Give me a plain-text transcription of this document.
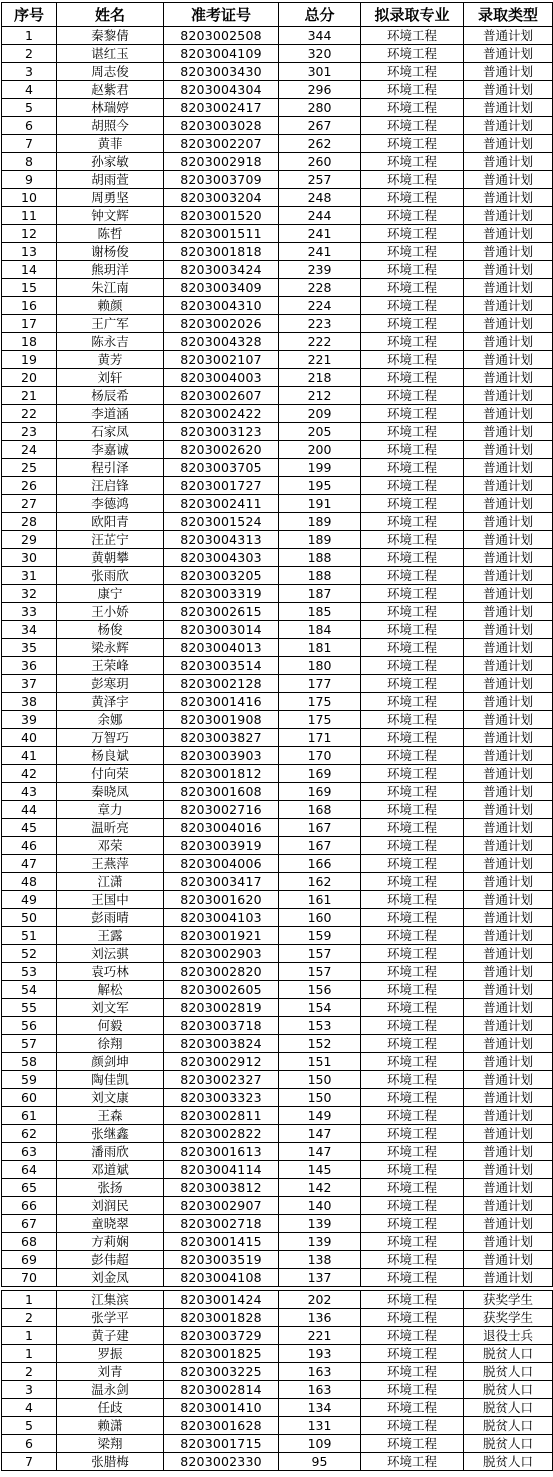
序号	姓名	准考证号	总分	拟录取专业	录取类型
1	秦黎倩	8203002508	344	环境工程	普通计划
2	谌红玉	8203004109	320	环境工程	普通计划
3	周志俊	8203003430	301	环境工程	普通计划
4	赵紫君	8203004304	296	环境工程	普通计划
5	林瑞婷	8203002417	280	环境工程	普通计划
6	胡照今	8203003028	267	环境工程	普通计划
7	黄菲	8203002207	262	环境工程	普通计划
8	孙家敏	8203002918	260	环境工程	普通计划
9	胡雨萱	8203003709	257	环境工程	普通计划
10	周勇坚	8203003204	248	环境工程	普通计划
11	钟文辉	8203001520	244	环境工程	普通计划
12	陈哲	8203001511	241	环境工程	普通计划
13	谢杨俊	8203001818	241	环境工程	普通计划
14	熊玥洋	8203003424	239	环境工程	普通计划
15	朱江南	8203003409	228	环境工程	普通计划
16	赖颜	8203004310	224	环境工程	普通计划
17	王广军	8203002026	223	环境工程	普通计划
18	陈永吉	8203004328	222	环境工程	普通计划
19	黄芳	8203002107	221	环境工程	普通计划
20	刘轩	8203004003	218	环境工程	普通计划
21	杨辰希	8203002607	212	环境工程	普通计划
22	李道涵	8203002422	209	环境工程	普通计划
23	石家凤	8203003123	205	环境工程	普通计划
24	李嘉诚	8203002620	200	环境工程	普通计划
25	程引泽	8203003705	199	环境工程	普通计划
26	汪启锋	8203001727	195	环境工程	普通计划
27	李德鸿	8203002411	191	环境工程	普通计划
28	欧阳青	8203001524	189	环境工程	普通计划
29	汪芷宁	8203004313	189	环境工程	普通计划
30	黄朝攀	8203004303	188	环境工程	普通计划
31	张雨欣	8203003205	188	环境工程	普通计划
32	康宁	8203003319	187	环境工程	普通计划
33	王小娇	8203002615	185	环境工程	普通计划
34	杨俊	8203003014	184	环境工程	普通计划
35	梁永辉	8203004013	181	环境工程	普通计划
36	王荣峰	8203003514	180	环境工程	普通计划
37	彭寒玥	8203002128	177	环境工程	普通计划
38	黄泽宇	8203001416	175	环境工程	普通计划
39	余娜	8203001908	175	环境工程	普通计划
40	万智巧	8203003827	171	环境工程	普通计划
41	杨良斌	8203003903	170	环境工程	普通计划
42	付向荣	8203001812	169	环境工程	普通计划
43	秦晓凤	8203001608	169	环境工程	普通计划
44	章力	8203002716	168	环境工程	普通计划
45	温昕亮	8203004016	167	环境工程	普通计划
46	邓荣	8203003919	167	环境工程	普通计划
47	王燕萍	8203004006	166	环境工程	普通计划
48	江潇	8203003417	162	环境工程	普通计划
49	王国中	8203001620	161	环境工程	普通计划
50	彭雨晴	8203004103	160	环境工程	普通计划
51	王露	8203001921	159	环境工程	普通计划
52	刘沄骐	8203002903	157	环境工程	普通计划
53	袁巧林	8203002820	157	环境工程	普通计划
54	解松	8203002605	156	环境工程	普通计划
55	刘文军	8203002819	154	环境工程	普通计划
56	何毅	8203003718	153	环境工程	普通计划
57	徐翔	8203003824	152	环境工程	普通计划
58	颜剑坤	8203002912	151	环境工程	普通计划
59	陶佳凯	8203002327	150	环境工程	普通计划
60	刘文康	8203003323	150	环境工程	普通计划
61	王森	8203002811	149	环境工程	普通计划
62	张继鑫	8203002822	147	环境工程	普通计划
63	潘雨欣	8203001613	147	环境工程	普通计划
64	邓道斌	8203004114	145	环境工程	普通计划
65	张扬	8203003812	142	环境工程	普通计划
66	刘润民	8203002907	140	环境工程	普通计划
67	童晓翠	8203002718	139	环境工程	普通计划
68	方莉娴	8203001415	139	环境工程	普通计划
69	彭伟超	8203003519	138	环境工程	普通计划
70	刘金凤	8203004108	137	环境工程	普通计划

1	江集滨	8203001424	202	环境工程	获奖学生
2	张学平	8203001828	136	环境工程	获奖学生
1	黄子建	8203003729	221	环境工程	退役士兵
1	罗振	8203001825	193	环境工程	脱贫人口
2	刘青	8203003225	163	环境工程	脱贫人口
3	温永剑	8203002814	163	环境工程	脱贫人口
4	任歧	8203001410	134	环境工程	脱贫人口
5	赖潇	8203001628	131	环境工程	脱贫人口
6	梁翔	8203001715	109	环境工程	脱贫人口
7	张腊梅	8203002330	95	环境工程	脱贫人口
